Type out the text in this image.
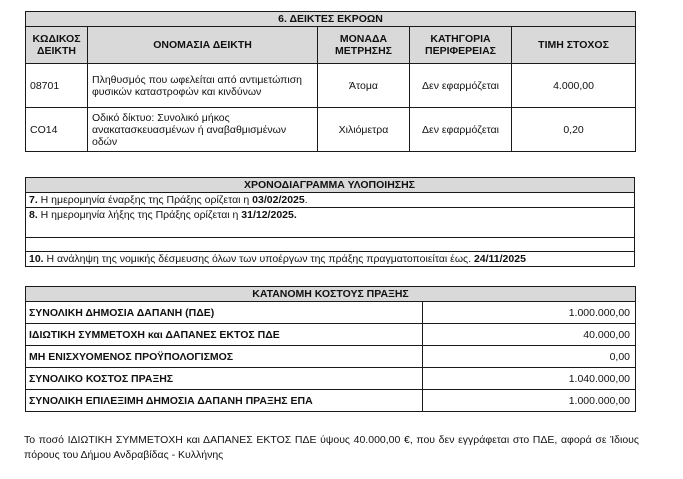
6. ΔΕΙΚΤΕΣ ΕΚΡΟΩΝ				
ΚΩΔΙΚΟΣ ΔΕΙΚΤΗ	ΟΝΟΜΑΣΙΑ ΔΕΙΚΤΗ	ΜΟΝΑΔΑ ΜΕΤΡΗΣΗΣ	ΚΑΤΗΓΟΡΙΑ ΠΕΡΙΦΕΡΕΙΑΣ	ΤΙΜΗ ΣΤΟΧΟΣ
08701	Πληθυσμός που ωφελείται από αντιμετώπιση φυσικών καταστροφών και κινδύνων	Άτομα	Δεν εφαρμόζεται	4.000,00
CO14	Οδικό δίκτυο: Συνολικό μήκος ανακατασκευασμένων ή αναβαθμισμένων οδών	Χιλιόμετρα	Δεν εφαρμόζεται	0,20
ΧΡΟΝΟΔΙΑΓΡΑΜΜΑ ΥΛΟΠΟΙΗΣΗΣ
7. Η ημερομηνία έναρξης της Πράξης ορίζεται η 03/02/2025.
8. Η ημερομηνία λήξης της Πράξης ορίζεται η 31/12/2025.

10. Η ανάληψη της νομικής δέσμευσης όλων των υποέργων της πράξης πραγματοποιείται έως. 24/11/2025
ΚΑΤΑΝΟΜΗ ΚΟΣΤΟΥΣ ΠΡΑΞΗΣ	
ΣΥΝΟΛΙΚΗ ΔΗΜΟΣΙΑ ΔΑΠΑΝΗ (ΠΔΕ)	1.000.000,00
ΙΔΙΩΤΙΚΗ ΣΥΜΜΕΤΟΧΗ και ΔΑΠΑΝΕΣ ΕΚΤΟΣ ΠΔΕ	40.000,00
ΜΗ ΕΝΙΣΧΥΟΜΕΝΟΣ ΠΡΟΫΠΟΛΟΓΙΣΜΟΣ	0,00
ΣΥΝΟΛΙΚΟ ΚΟΣΤΟΣ ΠΡΑΞΗΣ	1.040.000,00
ΣΥΝΟΛΙΚΗ ΕΠΙΛΕΞΙΜΗ ΔΗΜΟΣΙΑ ΔΑΠΑΝΗ ΠΡΑΞΗΣ ΕΠΑ	1.000.000,00

Το ποσό ΙΔΙΩΤΙΚΗ ΣΥΜΜΕΤΟΧΗ και ΔΑΠΑΝΕΣ ΕΚΤΟΣ ΠΔΕ ύψους 40.000,00 €, που δεν εγγράφεται στο ΠΔΕ, αφορά σε Ίδιους πόρους του Δήμου Ανδραβίδας - Κυλλήνης
